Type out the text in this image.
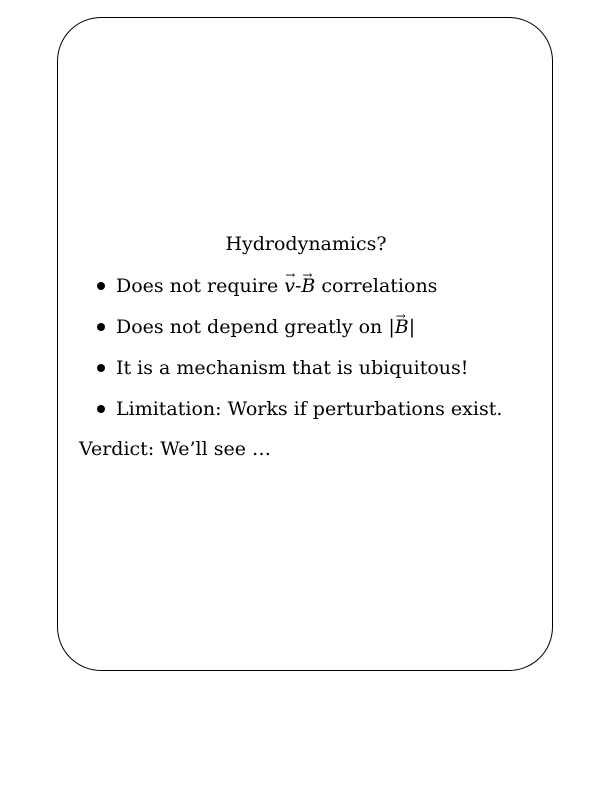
Hydrodynamics?
Does not require → v-→ B correlations
Does not depend greatly on |→ B|
It is a mechanism that is ubiquitous!
Limitation: Works if perturbations exist.
Verdict: We’ll see …
